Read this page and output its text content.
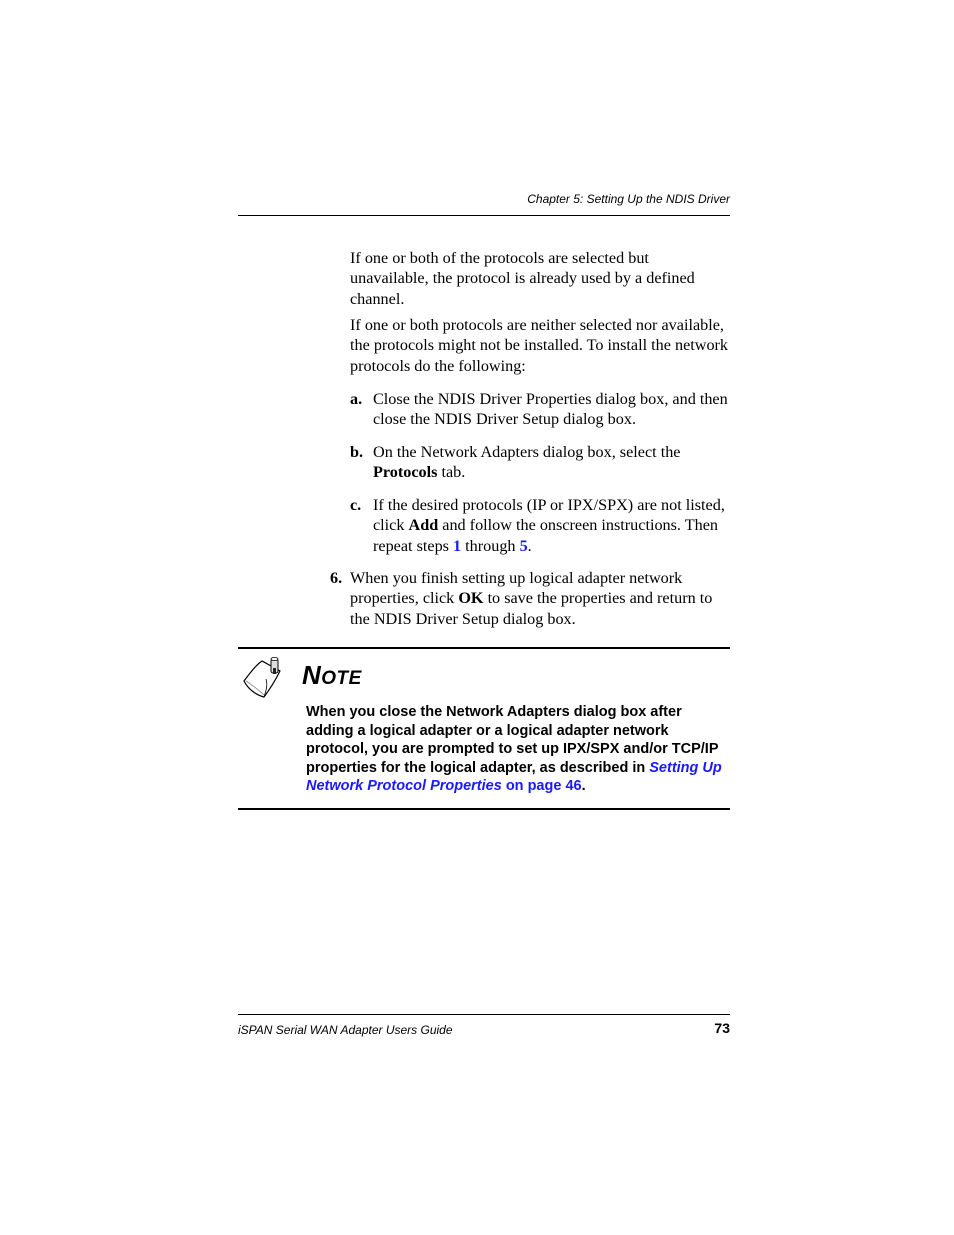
Chapter 5: Setting Up the NDIS Driver

If one or both of the protocols are selected but unavailable, the protocol is already used by a defined channel.

If one or both protocols are neither selected nor available, the protocols might not be installed. To install the network protocols do the following:

a. Close the NDIS Driver Properties dialog box, and then close the NDIS Driver Setup dialog box.
b. On the Network Adapters dialog box, select the
Protocols tab.
c. If the desired protocols (IP or IPX/SPX) are not listed, click Add and follow the onscreen instructions. Then repeat steps 1 through 5.
6. When you finish setting up logical adapter network properties, click OK to save the properties and return to the NDIS Driver Setup dialog box.
NOTE
When you close the Network Adapters dialog box after adding a logical adapter or a logical adapter network protocol, you are prompted to set up IPX/SPX and/or TCP/IP properties for the logical adapter, as described in Setting Up Network Protocol Properties on page 46.
iSPAN Serial WAN Adapter Users Guide	73
